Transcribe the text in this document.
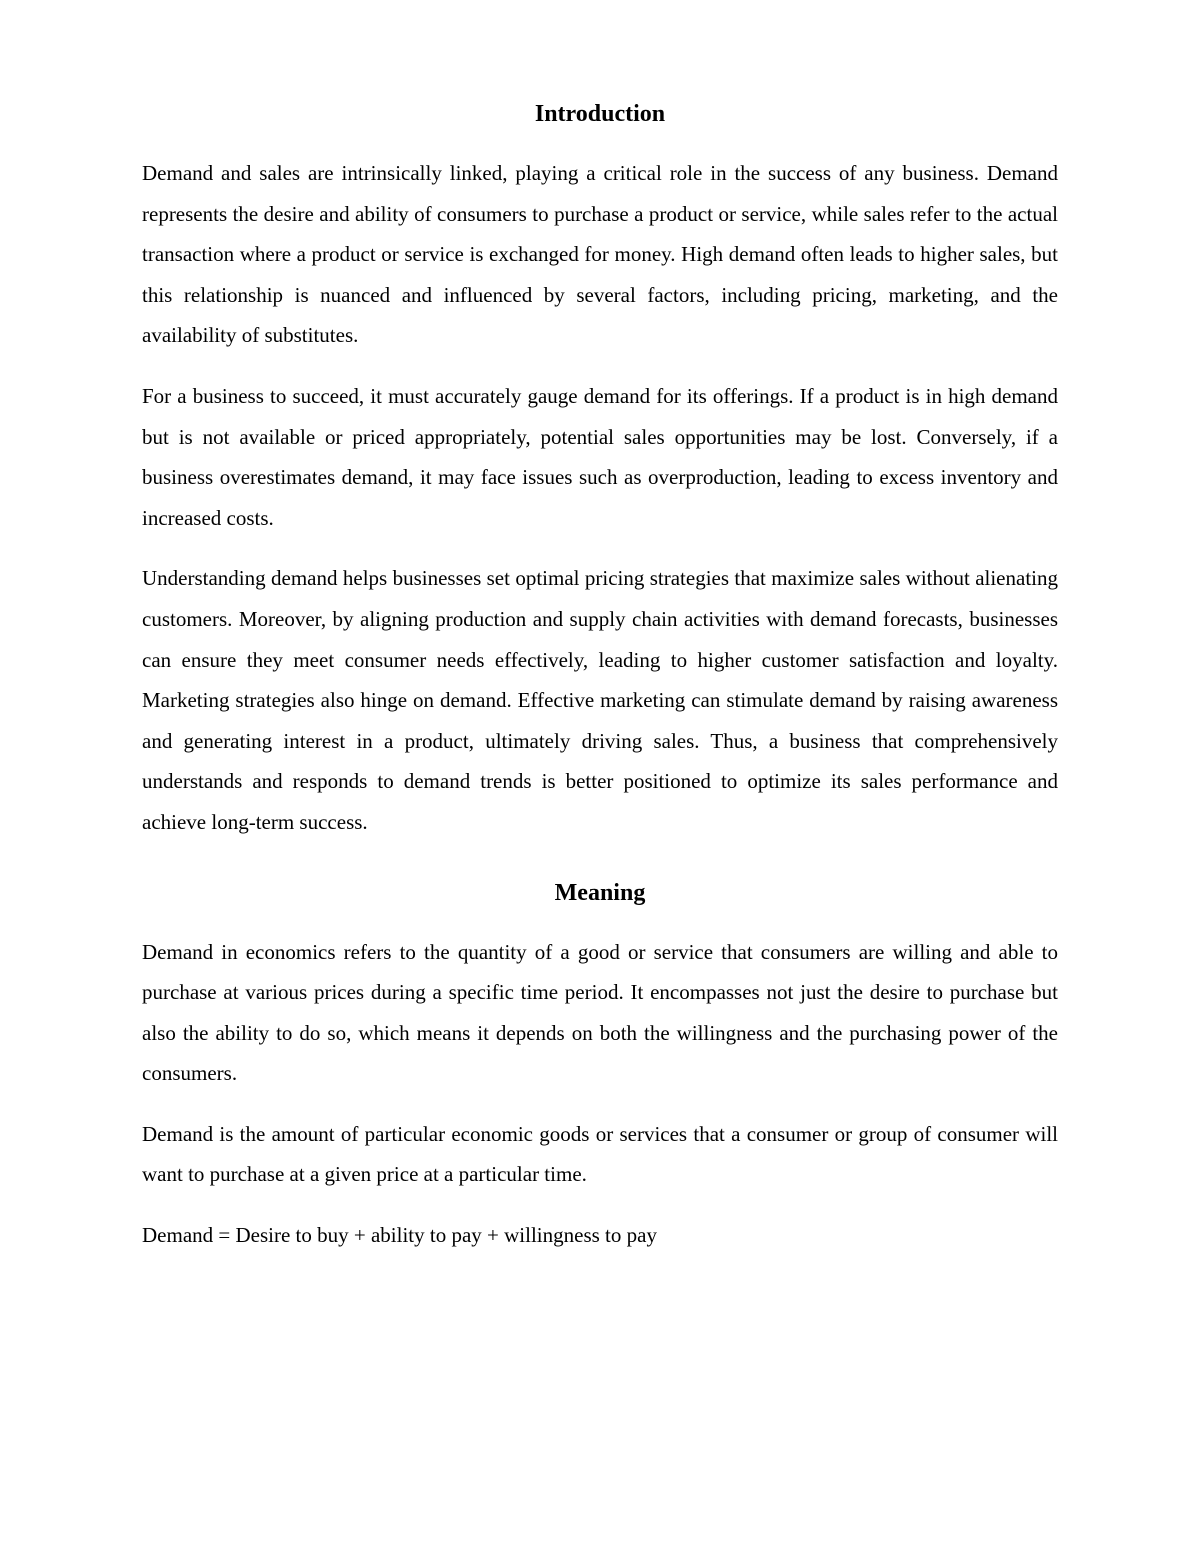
Introduction

Demand and sales are intrinsically linked, playing a critical role in the success of any business. Demand represents the desire and ability of consumers to purchase a product or service, while sales refer to the actual transaction where a product or service is exchanged for money. High demand often leads to higher sales, but this relationship is nuanced and influenced by several factors, including pricing, marketing, and the availability of substitutes.

For a business to succeed, it must accurately gauge demand for its offerings. If a product is in high demand but is not available or priced appropriately, potential sales opportunities may be lost. Conversely, if a business overestimates demand, it may face issues such as overproduction, leading to excess inventory and increased costs.

Understanding demand helps businesses set optimal pricing strategies that maximize sales without alienating customers. Moreover, by aligning production and supply chain activities with demand forecasts, businesses can ensure they meet consumer needs effectively, leading to higher customer satisfaction and loyalty. Marketing strategies also hinge on demand. Effective marketing can stimulate demand by raising awareness and generating interest in a product, ultimately driving sales. Thus, a business that comprehensively understands and responds to demand trends is better positioned to optimize its sales performance and achieve long-term success.

Meaning

Demand in economics refers to the quantity of a good or service that consumers are willing and able to purchase at various prices during a specific time period. It encompasses not just the desire to purchase but also the ability to do so, which means it depends on both the willingness and the purchasing power of the consumers.

Demand is the amount of particular economic goods or services that a consumer or group of consumer will want to purchase at a given price at a particular time.

Demand = Desire to buy + ability to pay + willingness to pay
